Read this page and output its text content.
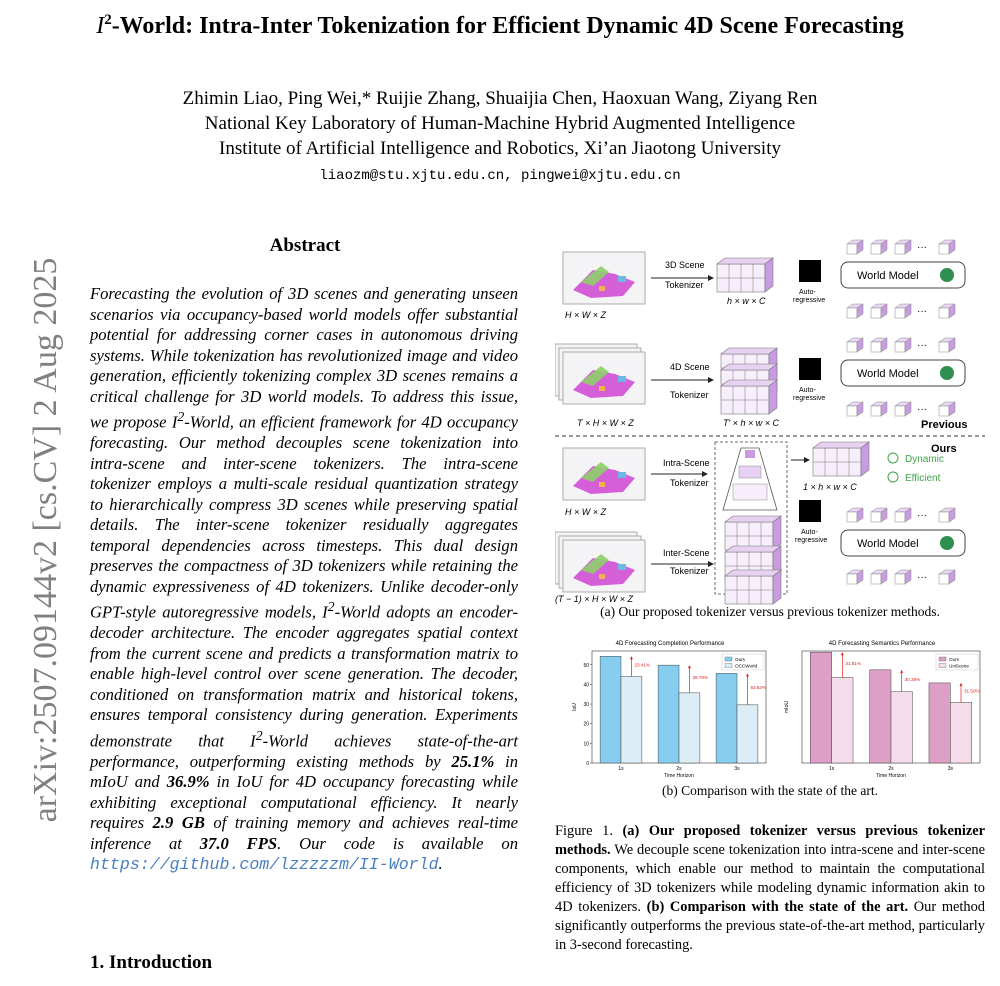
$I^2$-World: Intra-Inter Tokenization for Efficient Dynamic 4D Scene Forecasting
Zhimin Liao, Ping Wei,* Ruijie Zhang, Shuaijia Chen, Haoxuan Wang, Ziyang Ren
National Key Laboratory of Human-Machine Hybrid Augmented Intelligence
Institute of Artificial Intelligence and Robotics, Xi’an Jiaotong University
liaozm@stu.xjtu.edu.cn, pingwei@xjtu.edu.cn
arXiv:2507.09144v2 [cs.CV] 2 Aug 2025
Abstract
Forecasting the evolution of 3D scenes and generating unseen scenarios via occupancy-based world models offer substantial potential for addressing corner cases in autonomous driving systems. While tokenization has revolutionized image and video generation, efficiently tokenizing complex 3D scenes remains a critical challenge for 3D world models. To address this issue, we propose $I^2$-World, an efficient framework for 4D occupancy forecasting. Our method decouples scene tokenization into intra-scene and inter-scene tokenizers. The intra-scene tokenizer employs a multi-scale residual quantization strategy to hierarchically compress 3D scenes while preserving spatial details. The inter-scene tokenizer residually aggregates temporal dependencies across timesteps. This dual design preserves the compactness of 3D tokenizers while retaining the dynamic expressiveness of 4D tokenizers. Unlike decoder-only GPT-style autoregressive models, $I^2$-World adopts an encoder-decoder architecture. The encoder aggregates spatial context from the current scene and predicts a transformation matrix to enable high-level control over scene generation. The decoder, conditioned on transformation matrix and historical tokens, ensures temporal consistency during generation. Experiments demonstrate that $I^2$-World achieves state-of-the-art performance, outperforming existing methods by 25.1% in mIoU and 36.9% in IoU for 4D occupancy forecasting while exhibiting exceptional computational efficiency. It nearly requires 2.9 GB of training memory and achieves real-time inference at 37.0 FPS. Our code is available on https://github.com/lzzzzzm/II-World.
1. Introduction
H × W × Z
3D Scene
Tokenizer
h × w × C
Auto-
regressive
World Model
···
···
T × H × W × Z
4D Scene
Tokenizer
T′ × h × w × C
Auto-
regressive
World Model
···
···
Previous
Ours
H × W × Z
Intra-Scene
Tokenizer	1 × h × w × C
Dynamic
Efficient
Auto-
regressive	World Model
···
···
(T − 1) × H × W × Z
Inter-Scene
Tokenizer
(a) Our proposed tokenizer versus previous tokenizer methods.
4D Forecasting Completion Performance
0
10
20
30
40
50
IoU
23.41%
1s
39.79%
2s
53.63%
3s
Time Horizon
Ours
OCCWorld
4D Forecasting Semantics Performance
mIoU
31.81%
1s
30.38%
2s
31.50%
3s
Time Horizon
Ours
UniScene
(b) Comparison with the state of the art.
Figure 1. (a) Our proposed tokenizer versus previous tokenizer methods. We decouple scene tokenization into intra-scene and inter-scene components, which enable our method to maintain the computational efficiency of 3D tokenizers while modeling dynamic information akin to 4D tokenizers. (b) Comparison with the state of the art. Our method significantly outperforms the previous state-of-the-art method, particularly in 3-second forecasting.
